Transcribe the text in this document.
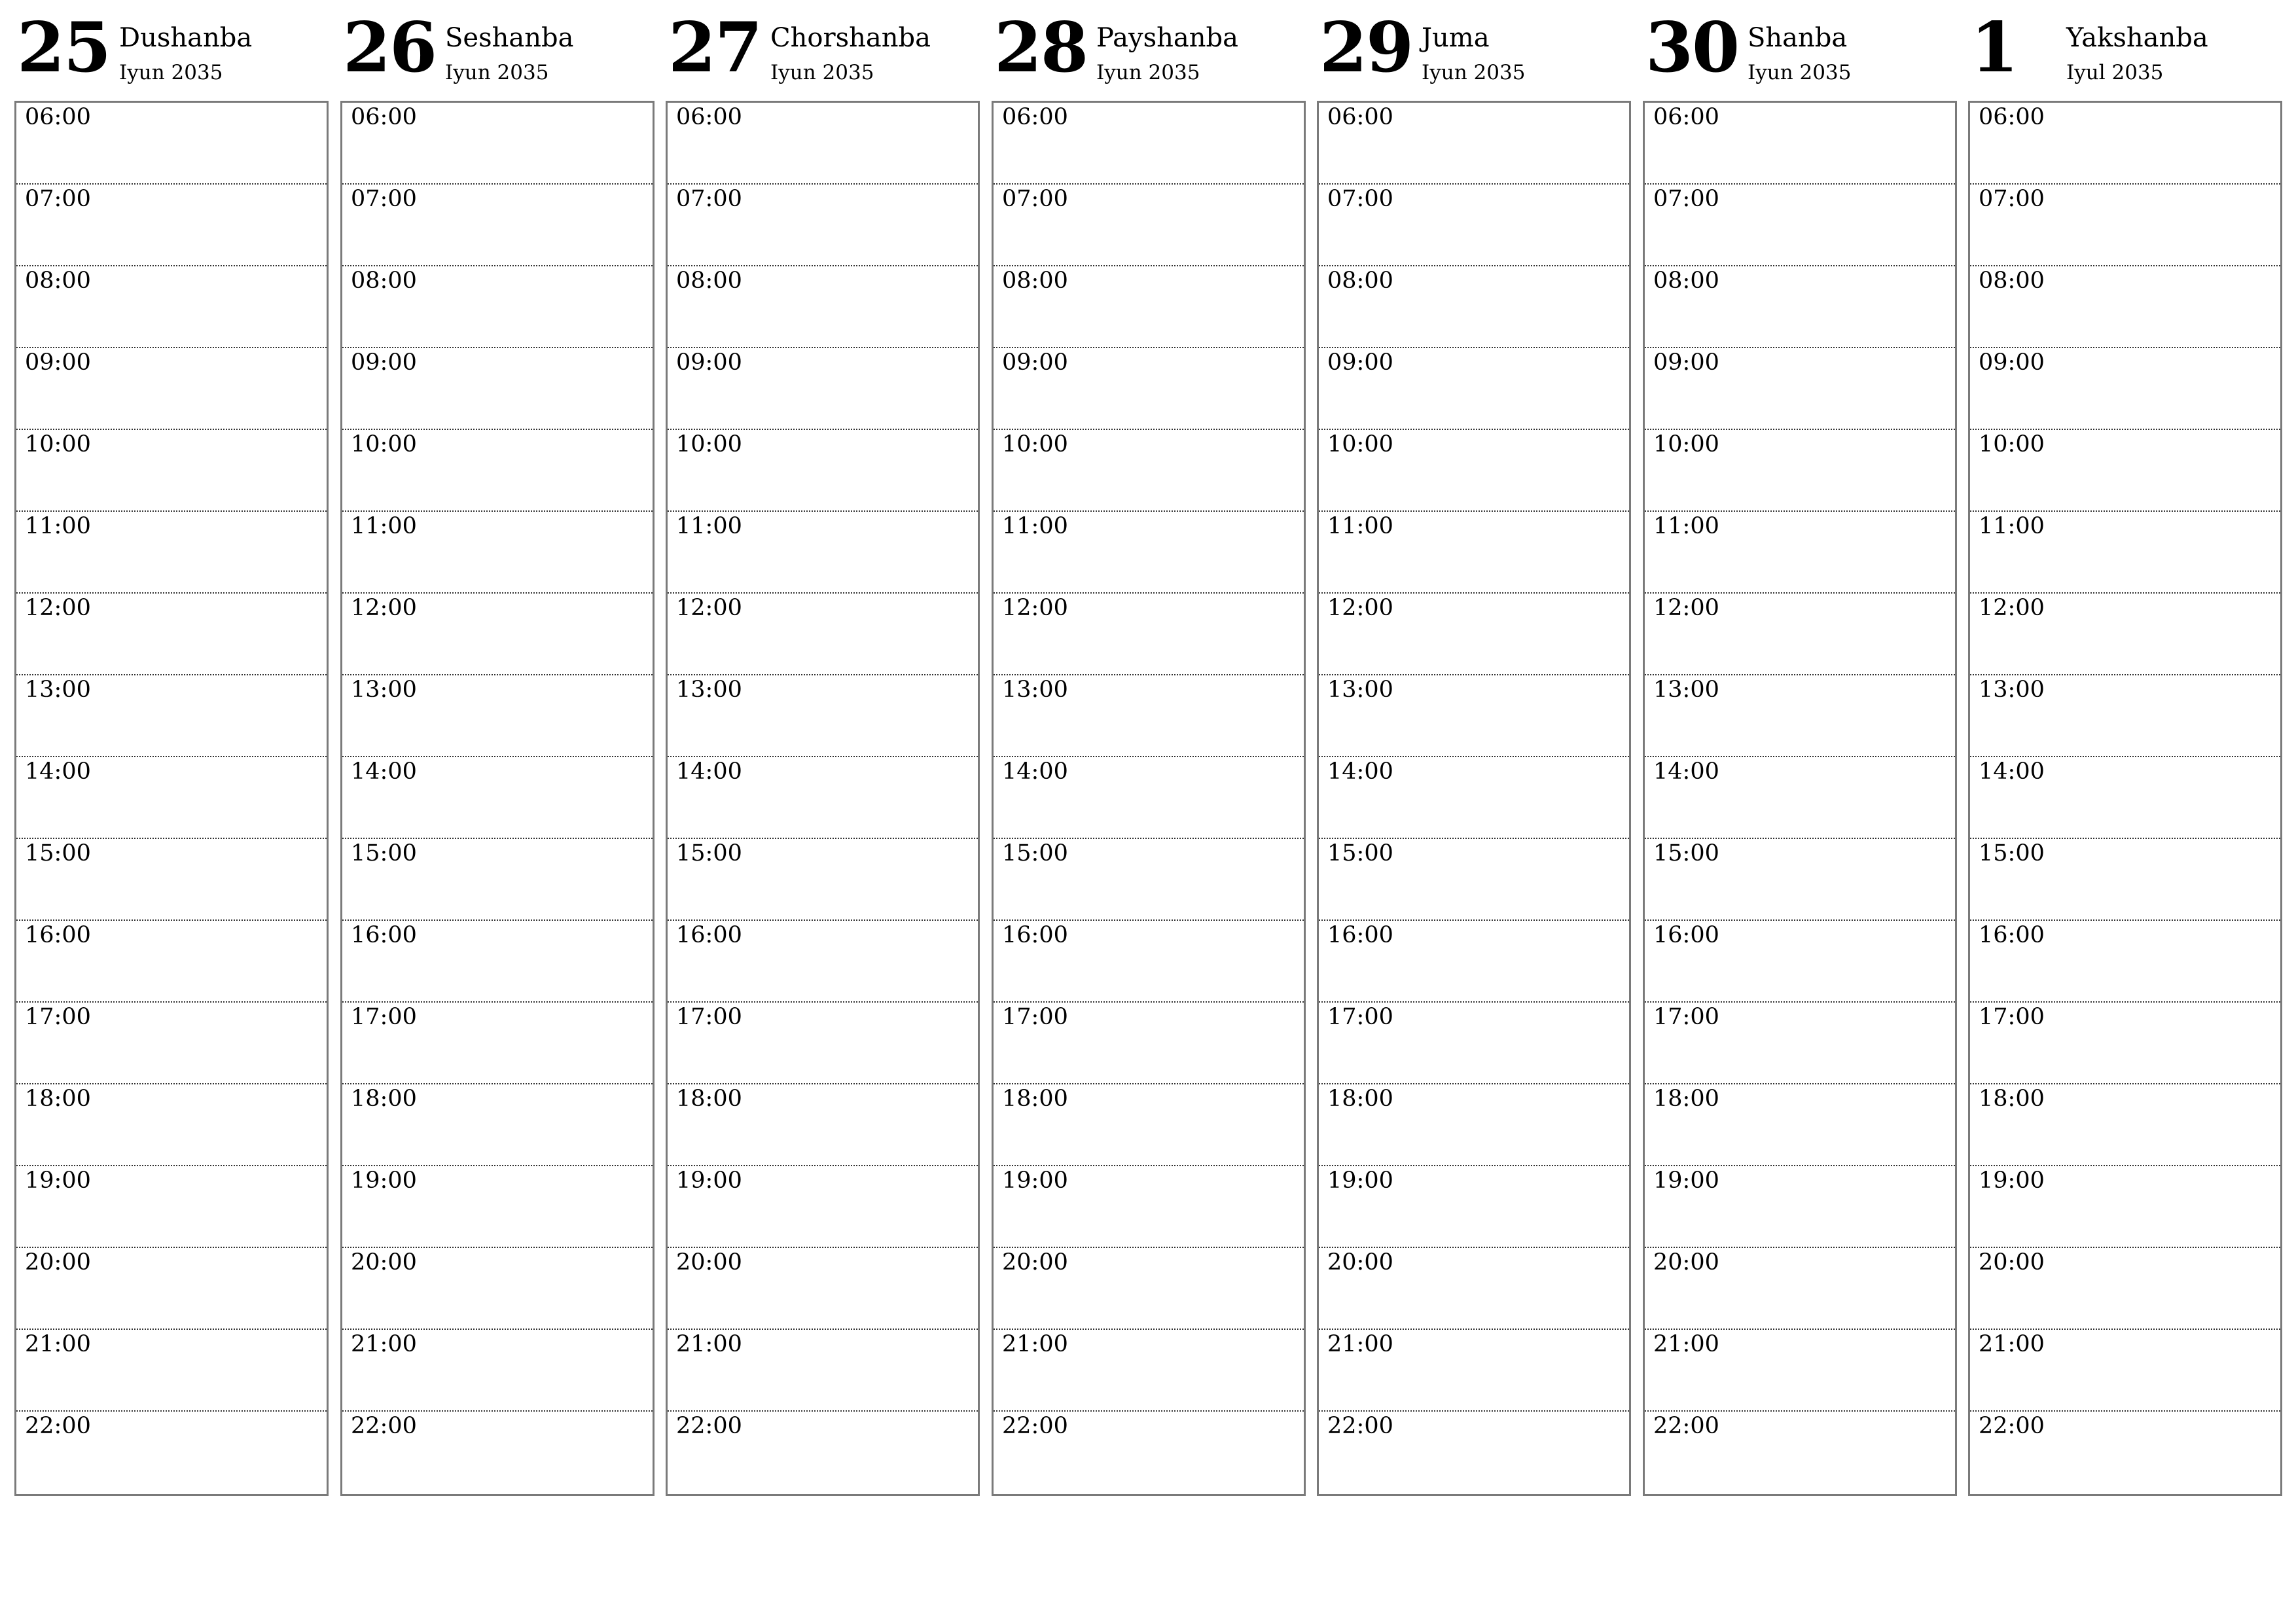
25 Dushanba
Iyun 2035
06:00
07:00
08:00
09:00
10:00
11:00
12:00
13:00
14:00
15:00
16:00
17:00
18:00
19:00
20:00
21:00
22:00
26 Seshanba
Iyun 2035
06:00
07:00
08:00
09:00
10:00
11:00
12:00
13:00
14:00
15:00
16:00
17:00
18:00
19:00
20:00
21:00
22:00
27 Chorshanba
Iyun 2035
06:00
07:00
08:00
09:00
10:00
11:00
12:00
13:00
14:00
15:00
16:00
17:00
18:00
19:00
20:00
21:00
22:00
28 Payshanba
Iyun 2035
06:00
07:00
08:00
09:00
10:00
11:00
12:00
13:00
14:00
15:00
16:00
17:00
18:00
19:00
20:00
21:00
22:00
29 Juma
Iyun 2035
06:00
07:00
08:00
09:00
10:00
11:00
12:00
13:00
14:00
15:00
16:00
17:00
18:00
19:00
20:00
21:00
22:00
30 Shanba
Iyun 2035
06:00
07:00
08:00
09:00
10:00
11:00
12:00
13:00
14:00
15:00
16:00
17:00
18:00
19:00
20:00
21:00
22:00
1 Yakshanba
Iyul 2035
06:00
07:00
08:00
09:00
10:00
11:00
12:00
13:00
14:00
15:00
16:00
17:00
18:00
19:00
20:00
21:00
22:00
